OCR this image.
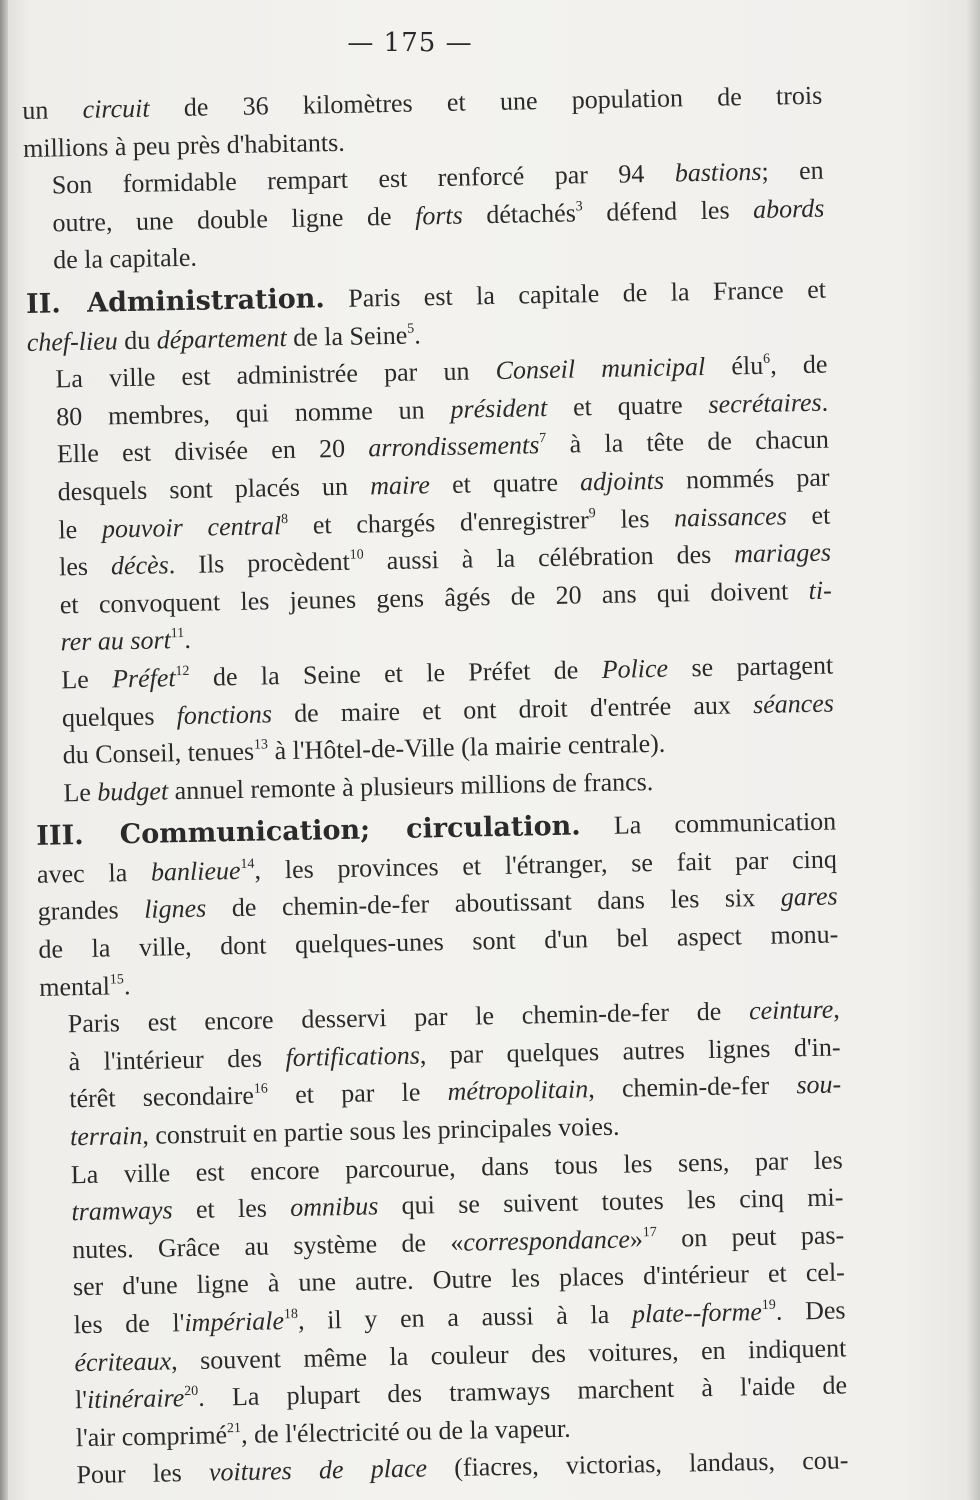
— 175 —

un circuit de 36 kilomètres et une population de trois
millions à peu près d'habitants.

Son formidable rempart est renforcé par 94 bastions; en
outre, une double ligne de forts détachés$^3$ défend les abords
de la capitale.

II. Administration. Paris est la capitale de la France et
chef-lieu du département de la Seine$^5$.

La ville est administrée par un Conseil municipal élu$^6$, de
80 membres, qui nomme un président et quatre secrétaires.
Elle est divisée en 20 arrondissements$^7$ à la tête de chacun
desquels sont placés un maire et quatre adjoints nommés par
le pouvoir central$^8$ et chargés d'enregistrer$^9$ les naissances et
les décès. Ils procèdent$^{10}$ aussi à la célébration des mariages
et convoquent les jeunes gens âgés de 20 ans qui doivent ti-
rer au sort$^{11}$.

Le Préfet$^{12}$ de la Seine et le Préfet de Police se partagent
quelques fonctions de maire et ont droit d'entrée aux séances
du Conseil, tenues$^{13}$ à l'Hôtel-de-Ville (la mairie centrale).

Le budget annuel remonte à plusieurs millions de francs.

III. Communication; circulation. La communication
avec la banlieue$^{14}$, les provinces et l'étranger, se fait par cinq
grandes lignes de chemin-de-fer aboutissant dans les six gares
de la ville, dont quelques-unes sont d'un bel aspect monu-
mental$^{15}$.

Paris est encore desservi par le chemin-de-fer de ceinture,
à l'intérieur des fortifications, par quelques autres lignes d'in-
térêt secondaire$^{16}$ et par le métropolitain, chemin-de-fer sou-
terrain, construit en partie sous les principales voies.

La ville est encore parcourue, dans tous les sens, par les
tramways et les omnibus qui se suivent toutes les cinq mi-
nutes. Grâce au système de «correspondance»$^{17}$ on peut pas-
ser d'une ligne à une autre. Outre les places d'intérieur et cel-
les de l'impériale$^{18}$, il y en a aussi à la plate--forme$^{19}$. Des
écriteaux, souvent même la couleur des voitures, en indiquent
l'itinéraire$^{20}$. La plupart des tramways marchent à l'aide de
l'air comprimé$^{21}$, de l'électricité ou de la vapeur.

Pour les voitures de place (fiacres, victorias, landaus, cou-
